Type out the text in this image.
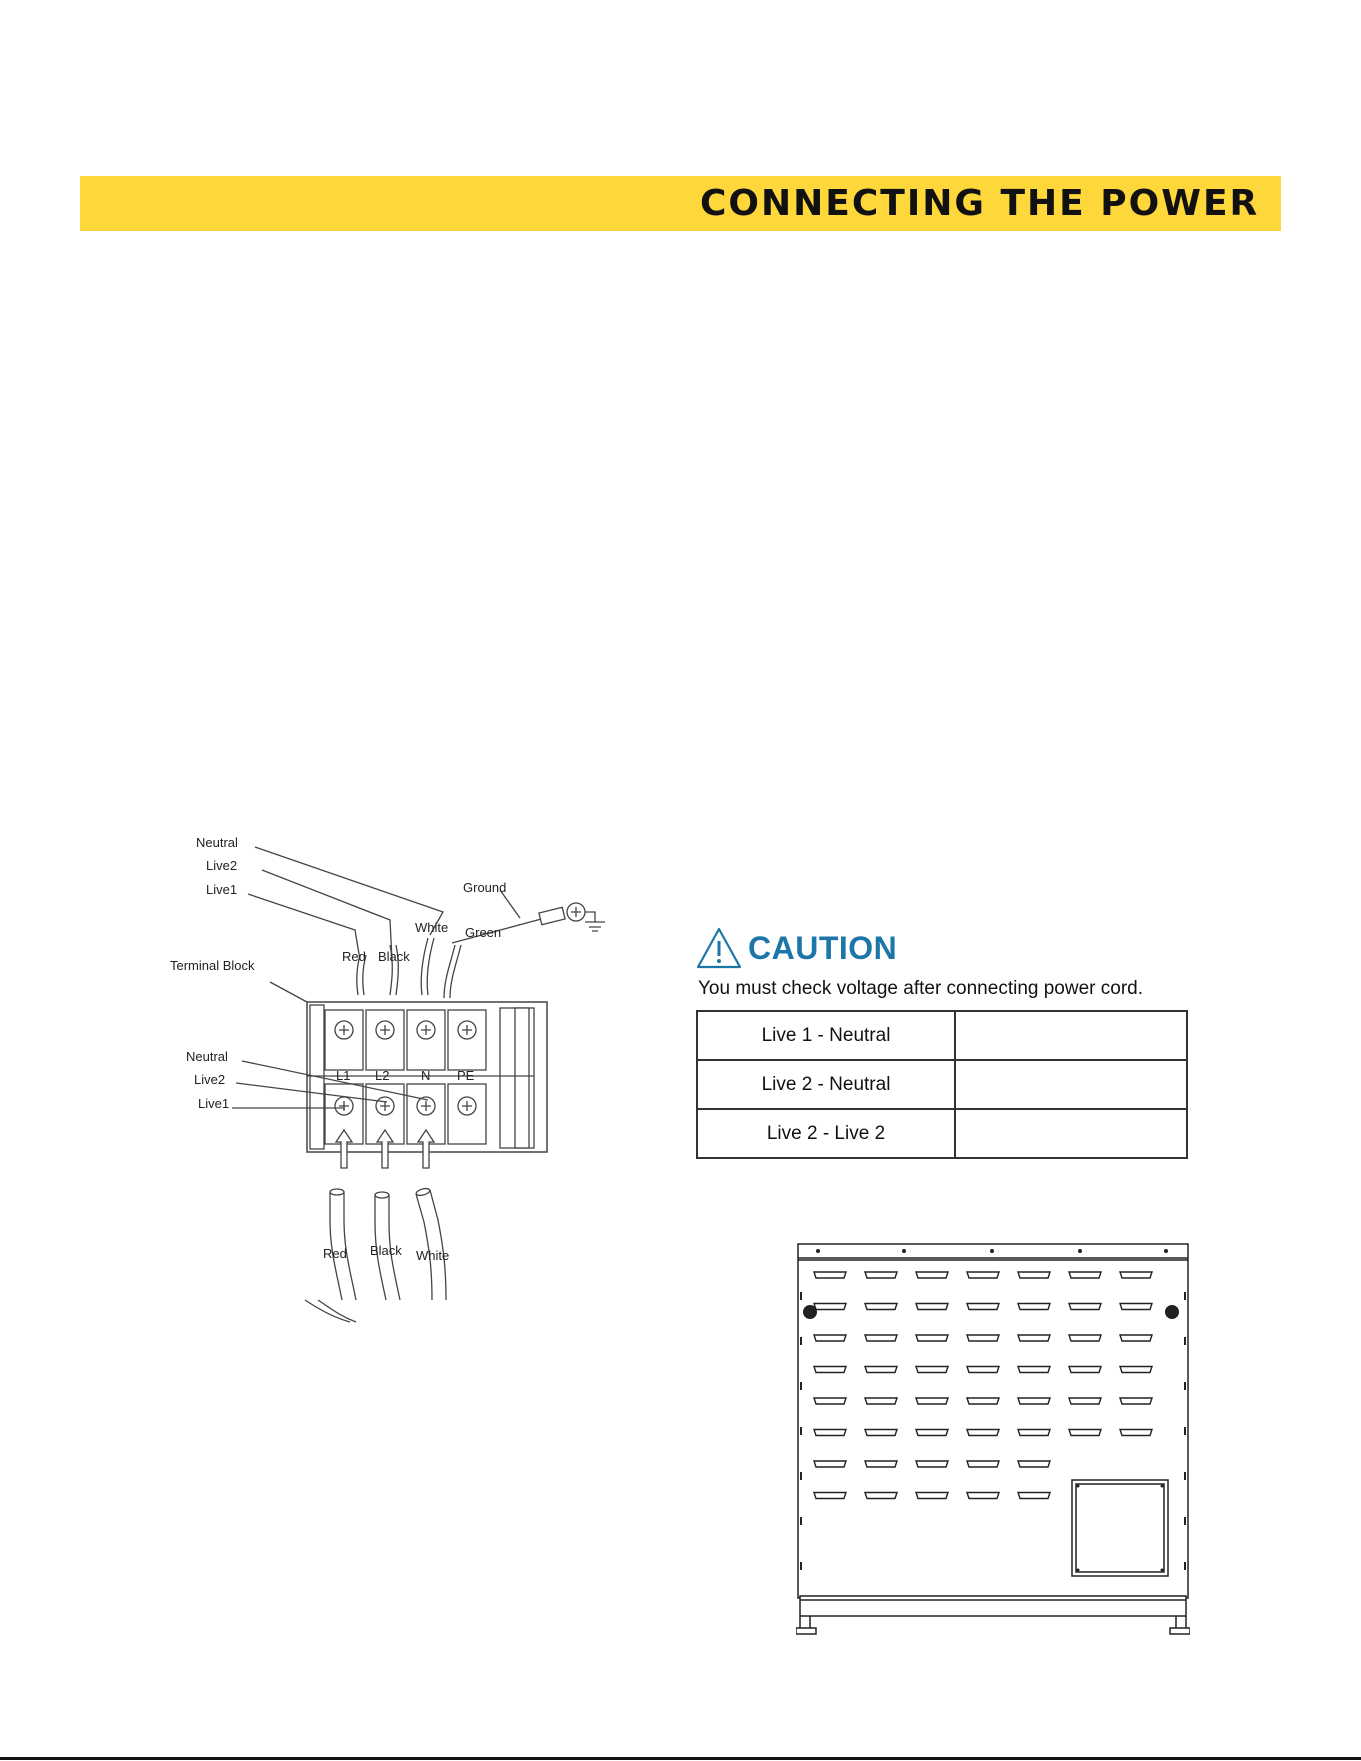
CONNECTING THE POWER
Neutral
Live2
Live1	Ground
White Green
Red Black
Terminal Block
Neutral
Live2
Live1
L1 L2 N PE
Red Black White
CAUTION
You must check voltage after connecting power cord.
Live 1 - Neutral	
Live 2 - Neutral	
Live 2 - Live 2	
